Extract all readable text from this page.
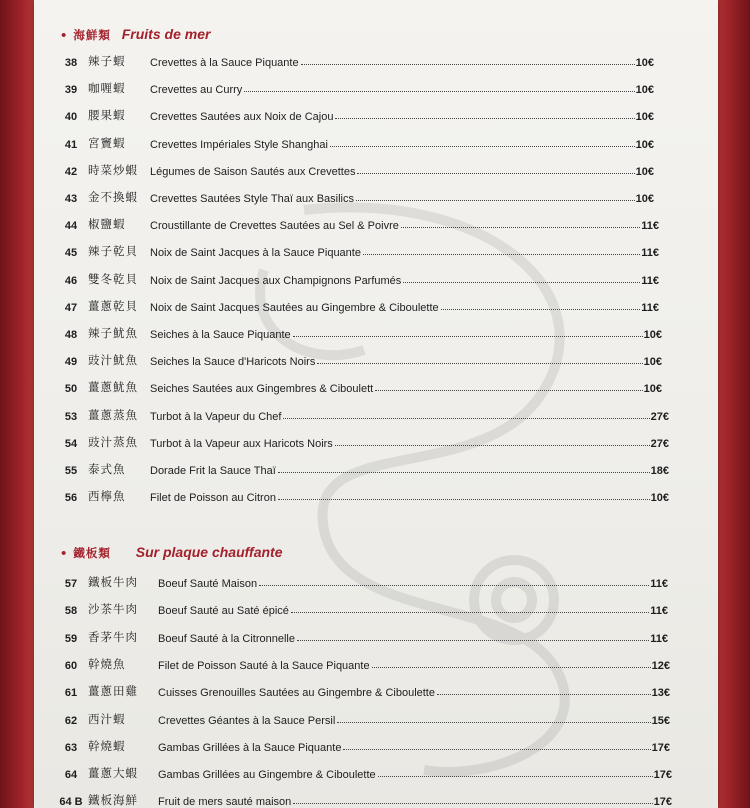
• 海鮮類 Fruits de mer
38 辣子蝦	Crevettes à la Sauce Piquante	10€
39 咖喱蝦	Crevettes au Curry	10€
40 腰果蝦	Crevettes Sautées aux Noix de Cajou	10€
41 宮竇蝦	Crevettes Impériales Style Shanghai	10€
42 時菜炒蝦	Légumes de Saison Sautés aux Crevettes	10€
43 金不換蝦	Crevettes Sautées Style Thaï aux Basilics	10€
44 椒鹽蝦	Croustillante de Crevettes Sautées au Sel & Poivre	11€
45 辣子乾貝	Noix de Saint Jacques à la Sauce Piquante	11€
46 雙冬乾貝	Noix de Saint Jacques aux Champignons Parfumés	11€
47 薑蔥乾貝	Noix de Saint Jacques Sautées au Gingembre & Ciboulette	11€
48 辣子魷魚	Seiches à la Sauce Piquante	10€
49 豉汁魷魚	Seiches la Sauce d'Haricots Noirs	10€
50 薑蔥魷魚	Seiches Sautées aux Gingembres & Ciboulett	10€
53 薑蔥蒸魚	Turbot à la Vapeur du Chef	27€
54 豉汁蒸魚	Turbot à la Vapeur aux Haricots Noirs	27€
55 泰式魚	Dorade Frit la Sauce Thaï	18€
56 西檸魚	Filet de Poisson au Citron	10€
• 鐵板類 Sur plaque chauffante
57 鐵板牛肉	Boeuf Sauté Maison	11€
58 沙茶牛肉	Boeuf Sauté au Saté épicé	11€
59 香茅牛肉	Boeuf Sauté à la Citronnelle	11€
60 幹燒魚	Filet de Poisson Sauté à la Sauce Piquante	12€
61 薑蔥田雞	Cuisses Grenouilles Sautées au Gingembre & Ciboulette	13€
62 西汁蝦	Crevettes Géantes à la Sauce Persil	15€
63 幹燒蝦	Gambas Grillées à la Sauce Piquante	17€
64 薑蔥大蝦	Gambas Grillées au Gingembre & Ciboulette	17€
64 B 鐵板海鮮	Fruit de mers sauté maison	17€
